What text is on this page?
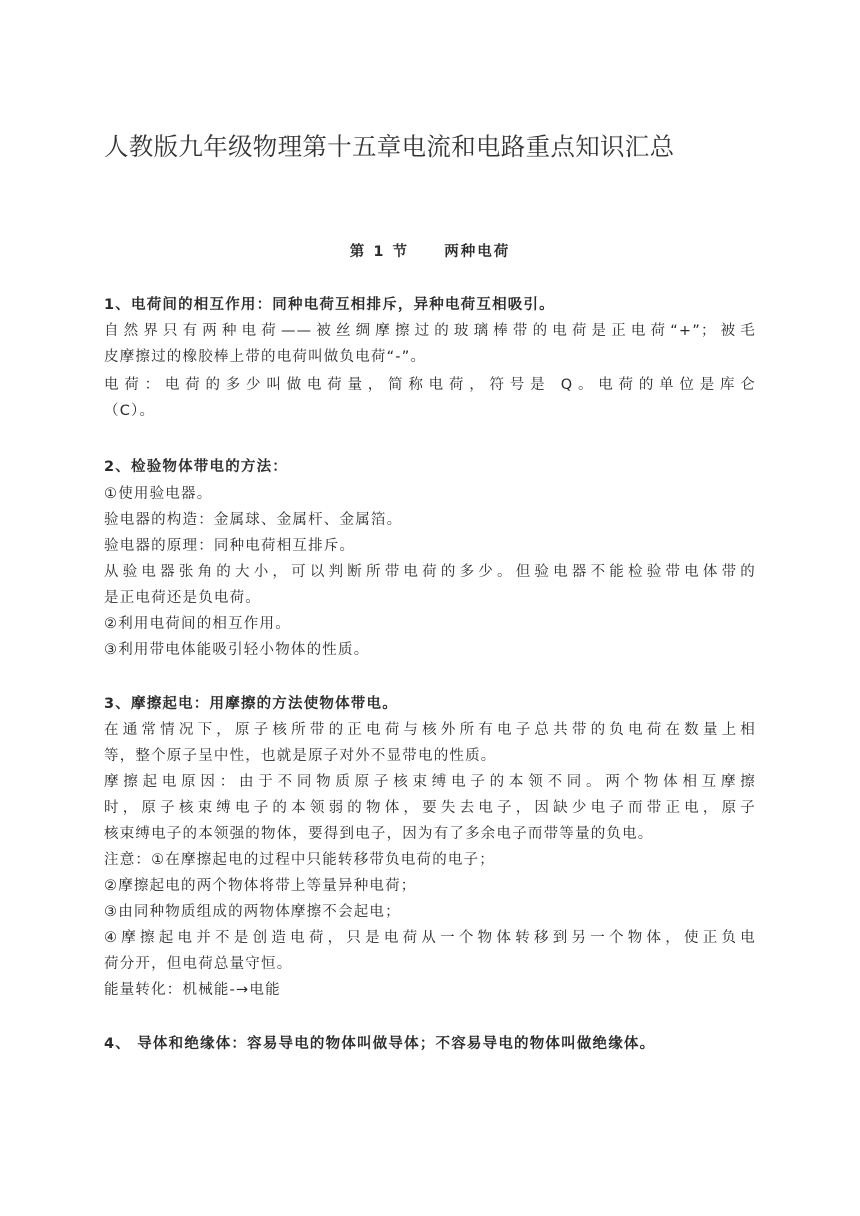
人教版九年级物理第十五章电流和电路重点知识汇总
第 1 节     两种电荷
1、电荷间的相互作用：同种电荷互相排斥，异种电荷互相吸引。
自然界只有两种电荷——被丝绸摩擦过的玻璃棒带的电荷是正电荷“+”；被毛
皮摩擦过的橡胶棒上带的电荷叫做负电荷“-”。
电荷：电荷的多少叫做电荷量，简称电荷，符号是 Q。电荷的单位是库仑
（C）。
2、检验物体带电的方法：
①使用验电器。
验电器的构造：金属球、金属杆、金属箔。
验电器的原理：同种电荷相互排斥。
从验电器张角的大小，可以判断所带电荷的多少。但验电器不能检验带电体带的
是正电荷还是负电荷。
②利用电荷间的相互作用。
③利用带电体能吸引轻小物体的性质。
3、摩擦起电：用摩擦的方法使物体带电。
在通常情况下，原子核所带的正电荷与核外所有电子总共带的负电荷在数量上相
等，整个原子呈中性，也就是原子对外不显带电的性质。
摩擦起电原因：由于不同物质原子核束缚电子的本领不同。两个物体相互摩擦
时，原子核束缚电子的本领弱的物体，要失去电子，因缺少电子而带正电，原子
核束缚电子的本领强的物体，要得到电子，因为有了多余电子而带等量的负电。
注意：①在摩擦起电的过程中只能转移带负电荷的电子；
②摩擦起电的两个物体将带上等量异种电荷；
③由同种物质组成的两物体摩擦不会起电；
④摩擦起电并不是创造电荷，只是电荷从一个物体转移到另一个物体，使正负电
荷分开，但电荷总量守恒。
能量转化：机械能-→电能
4、 导体和绝缘体：容易导电的物体叫做导体；不容易导电的物体叫做绝缘体。
